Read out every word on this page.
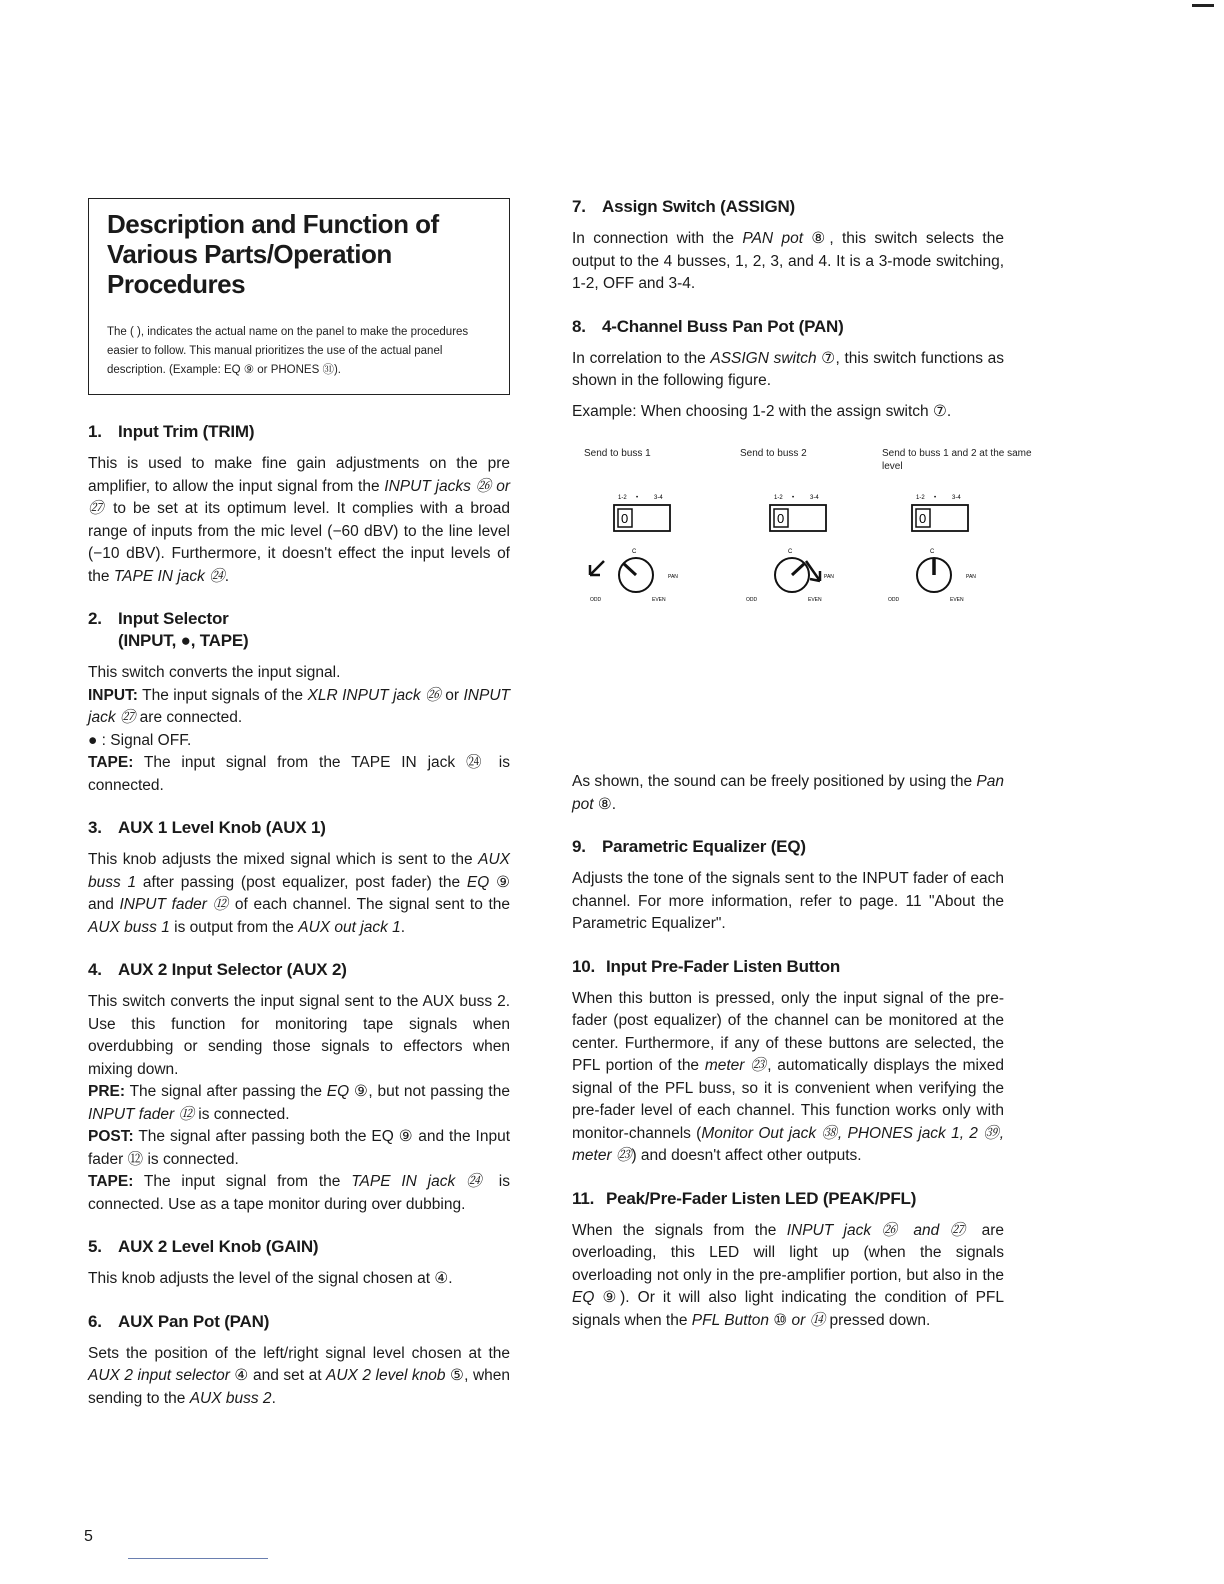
Description and Function of Various Parts/Operation Procedures
The ( ), indicates the actual name on the panel to make the procedures easier to follow. This manual prioritizes the use of the actual panel description. (Example: EQ ⑨ or PHONES ㉛).
1. Input Trim (TRIM)

This is used to make fine gain adjustments on the pre amplifier, to allow the input signal from the INPUT jacks ㉖ or ㉗ to be set at its optimum level. It complies with a broad range of inputs from the mic level (−60 dBV) to the line level (−10 dBV). Furthermore, it doesn't effect the input levels of the TAPE IN jack ㉔.

2. Input Selector
(INPUT, ●, TAPE)
This switch converts the input signal.

INPUT: The input signals of the XLR INPUT jack ㉖ or INPUT jack ㉗ are connected.

● : Signal OFF.

TAPE: The input signal from the TAPE IN jack ㉔ is connected.

3. AUX 1 Level Knob (AUX 1)

This knob adjusts the mixed signal which is sent to the AUX buss 1 after passing (post equalizer, post fader) the EQ ⑨ and INPUT fader ⑫ of each channel. The signal sent to the AUX buss 1 is output from the AUX out jack 1.

4. AUX 2 Input Selector (AUX 2)

This switch converts the input signal sent to the AUX buss 2. Use this function for monitoring tape signals when overdubbing or sending those signals to effectors when mixing down.

PRE: The signal after passing the EQ ⑨, but not passing the INPUT fader ⑫ is connected.

POST: The signal after passing both the EQ ⑨ and the Input fader ⑫ is connected.

TAPE: The input signal from the TAPE IN jack ㉔ is connected. Use as a tape monitor during over dubbing.

5. AUX 2 Level Knob (GAIN)

This knob adjusts the level of the signal chosen at ④.

6. AUX Pan Pot (PAN)

Sets the position of the left/right signal level chosen at the AUX 2 input selector ④ and set at AUX 2 level knob ⑤, when sending to the AUX buss 2.

7. Assign Switch (ASSIGN)

In connection with the PAN pot ⑧, this switch selects the output to the 4 busses, 1, 2, 3, and 4. It is a 3-mode switching, 1-2, OFF and 3-4.

8. 4-Channel Buss Pan Pot (PAN)

In correlation to the ASSIGN switch ⑦, this switch functions as shown in the following figure.

Example: When choosing 1-2 with the assign switch ⑦.

Send to buss 1
1-2 •	3-4
0
C
PAN
ODD	EVEN
Send to buss 2
1-2 •	3-4
0
C
PAN
ODD	EVEN
Send to buss 1 and 2 at the same level
1-2 •	3-4
0
C
PAN
ODD	EVEN

As shown, the sound can be freely positioned by using the Pan pot ⑧.

9. Parametric Equalizer (EQ)

Adjusts the tone of the signals sent to the INPUT fader of each channel. For more information, refer to page. 11 "About the Parametric Equalizer".

10. Input Pre-Fader Listen Button

When this button is pressed, only the input signal of the pre-fader (post equalizer) of the channel can be monitored at the center. Furthermore, if any of these buttons are selected, the PFL portion of the meter ㉓, automatically displays the mixed signal of the PFL buss, so it is convenient when verifying the pre-fader level of each channel. This function works only with monitor-channels (Monitor Out jack ㊳, PHONES jack 1, 2 ㊴, meter ㉓) and doesn't affect other outputs.

11. Peak/Pre-Fader Listen LED (PEAK/PFL)

When the signals from the INPUT jack ㉖ and ㉗ are overloading, this LED will light up (when the signals overloading not only in the pre-amplifier portion, but also in the EQ ⑨). Or it will also light indicating the condition of PFL signals when the PFL Button ⑩ or ⑭ pressed down.

5
